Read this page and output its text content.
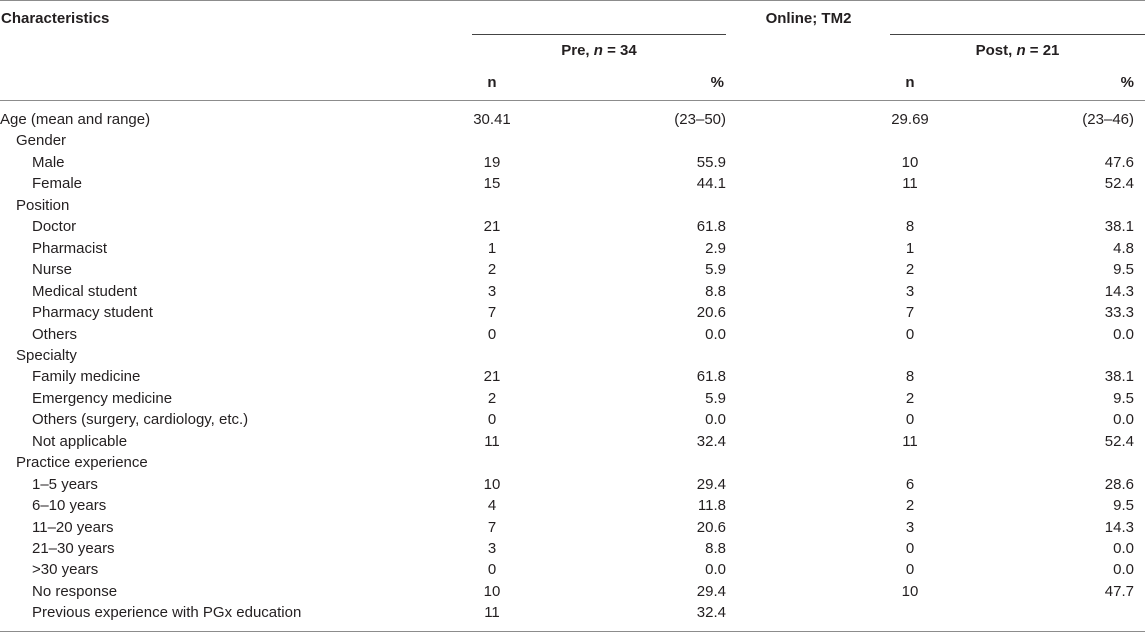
Characteristics	Online; TM2
Pre, n = 34	Post, n = 21
n	%	n	%
Age (mean and range)	30.41	(23–50)	29.69	(23–46)
Gender
Male	19	55.9	10	47.6
Female	15	44.1	11	52.4
Position
Doctor	21	61.8	8	38.1
Pharmacist	1	2.9	1	4.8
Nurse	2	5.9	2	9.5
Medical student	3	8.8	3	14.3
Pharmacy student	7	20.6	7	33.3
Others	0	0.0	0	0.0
Specialty
Family medicine	21	61.8	8	38.1
Emergency medicine	2	5.9	2	9.5
Others (surgery, cardiology, etc.)	0	0.0	0	0.0
Not applicable	11	32.4	11	52.4
Practice experience
1–5 years	10	29.4	6	28.6
6–10 years	4	11.8	2	9.5
11–20 years	7	20.6	3	14.3
21–30 years	3	8.8	0	0.0
>30 years	0	0.0	0	0.0
No response	10	29.4	10	47.7
Previous experience with PGx education	11	32.4
